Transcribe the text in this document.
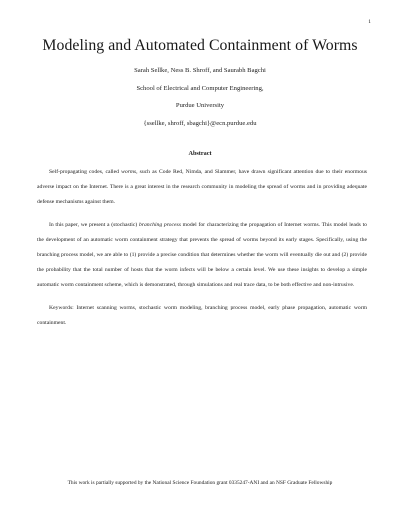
1
Modeling and Automated Containment of Worms
Sarah Sellke, Ness B. Shroff, and Saurabh Bagchi
School of Electrical and Computer Engineering,
Purdue University
{ssellke, shroff, sbagchi}@ecn.purdue.edu
Abstract

Self-propagating codes, called worms, such as Code Red, Nimda, and Slammer, have drawn significant attention due to their enormous adverse impact on the Internet. There is a great interest in the research community in modeling the spread of worms and in providing adequate defense mechanisms against them.

In this paper, we present a (stochastic) branching process model for characterizing the propagation of Internet worms. This model leads to the development of an automatic worm containment strategy that prevents the spread of worms beyond its early stages. Specifically, using the branching process model, we are able to (1) provide a precise condition that determines whether the worm will eventually die out and (2) provide the probability that the total number of hosts that the worm infects will be below a certain level. We use these insights to develop a simple automatic worm containment scheme, which is demonstrated, through simulations and real trace data, to be both effective and non-intrusive.

Keywords: Internet scanning worms, stochastic worm modeling, branching process model, early phase propagation, automatic worm containment.

This work is partially supported by the National Science Foundation grant 0335247-ANI and an NSF Graduate Fellowship
